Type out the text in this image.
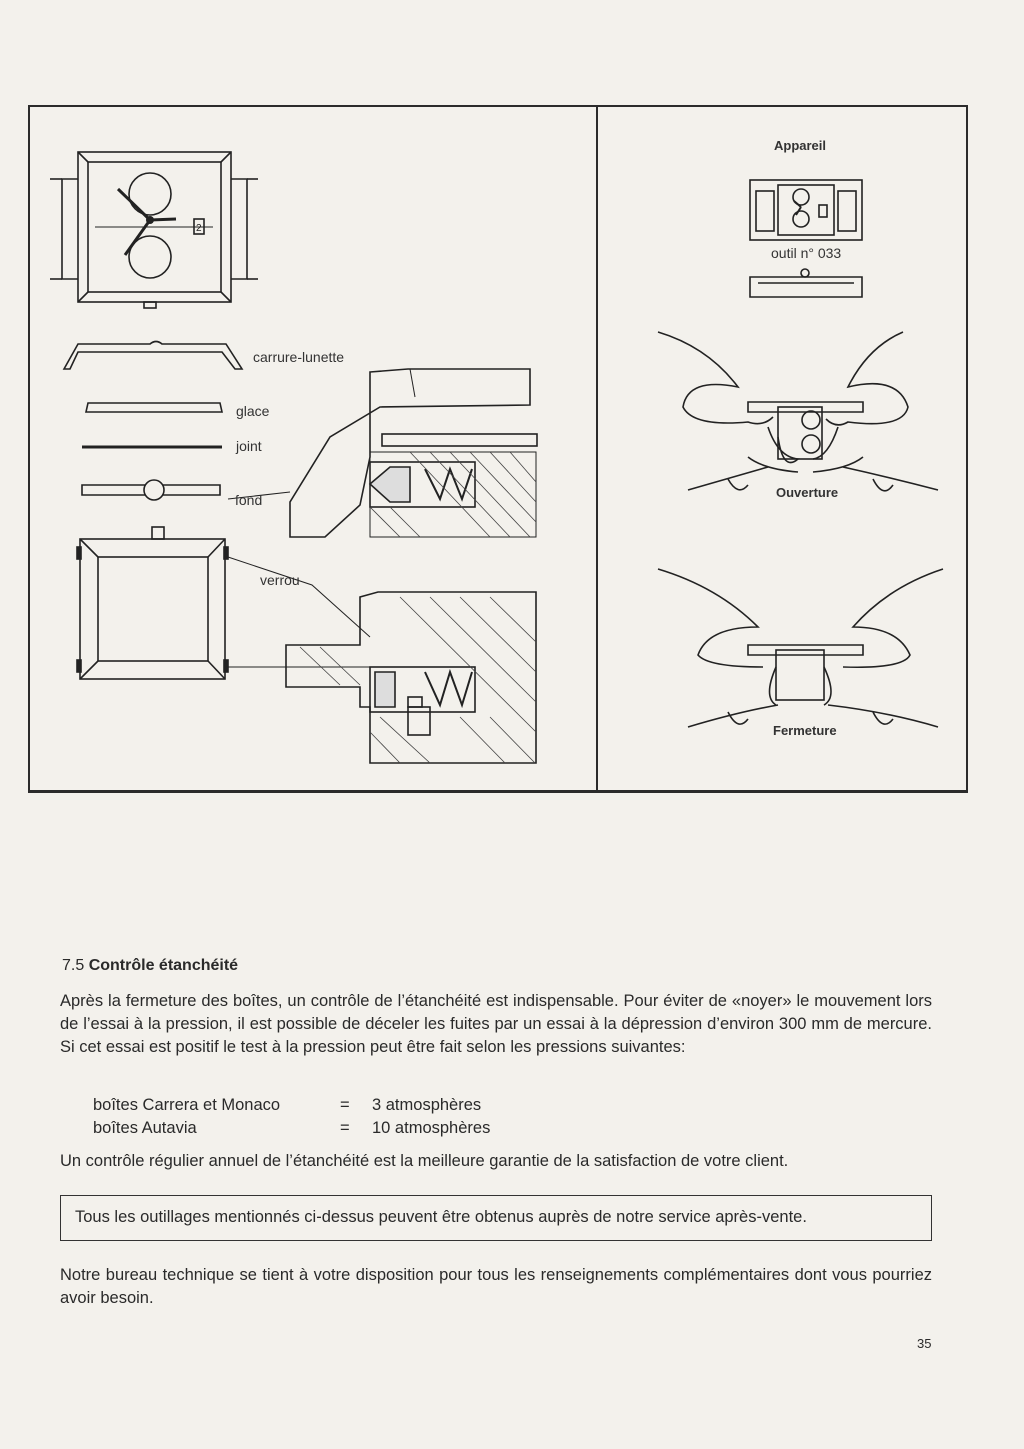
2
carrure-lunette
glace
joint
fond
verrou
Appareil
outil n° 033
Ouverture
Fermeture
7.5 Contrôle étanchéité

Après la fermeture des boîtes, un contrôle de l’étanchéité est indispensable. Pour éviter de «noyer» le mouvement lors de l’essai à la pression, il est possible de déceler les fuites par un essai à la dépression d’environ 300 mm de mercure. Si cet essai est positif le test à la pression peut être fait selon les pressions suivantes:

boîtes Carrera et Monaco	=	3 atmosphères
boîtes Autavia	=	10 atmosphères

Un contrôle régulier annuel de l’étanchéité est la meilleure garantie de la satisfaction de votre client.

Tous les outillages mentionnés ci-dessus peuvent être obtenus auprès de notre service après-vente.

Notre bureau technique se tient à votre disposition pour tous les renseignements complémentaires dont vous pourriez avoir besoin.

35
